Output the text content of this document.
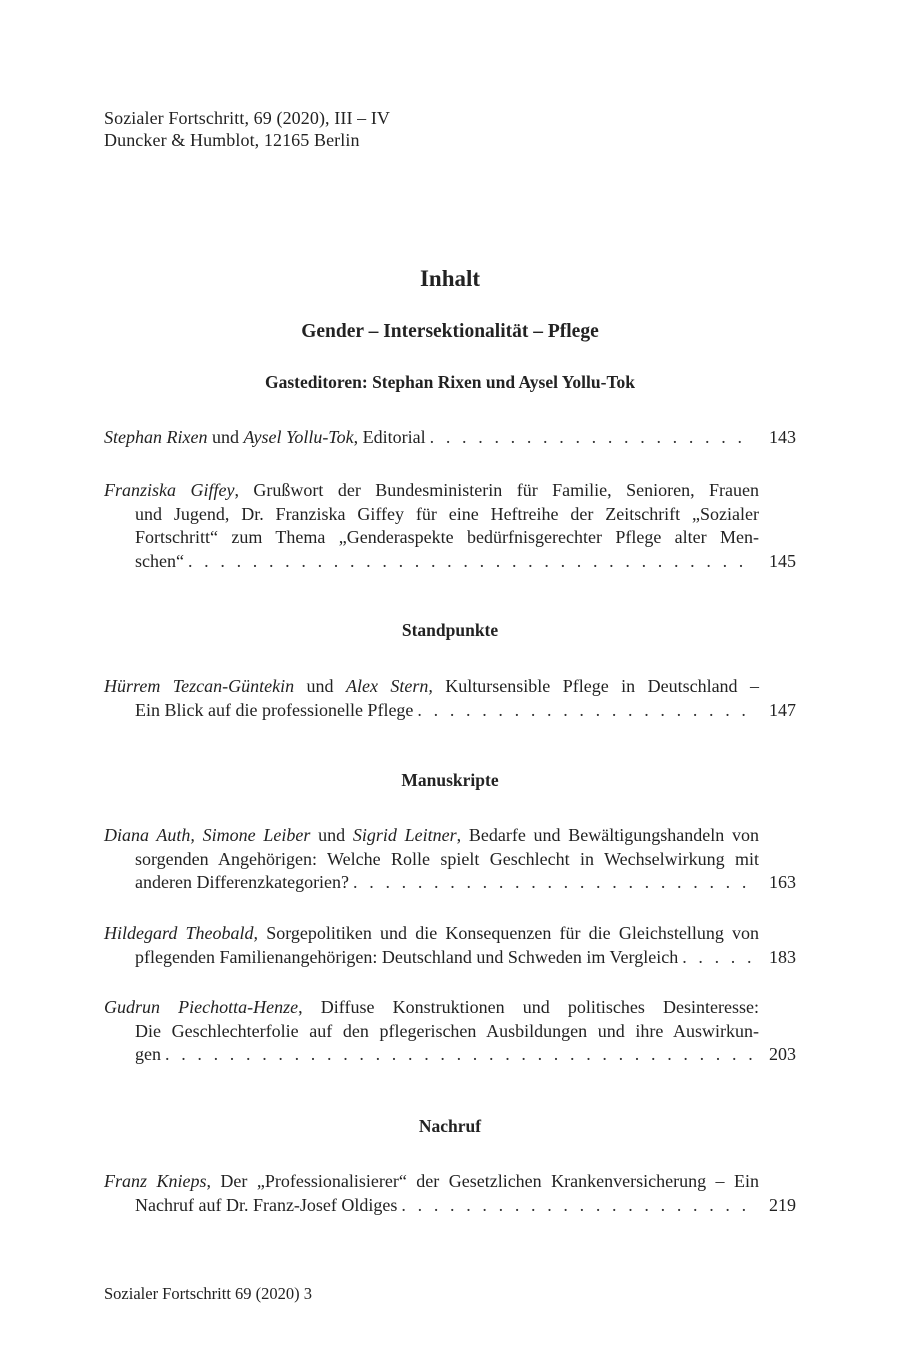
Sozialer Fortschritt, 69 (2020), III – IV
Duncker & Humblot, 12165 Berlin
Inhalt
Gender – Intersektionalität – Pflege
Gasteditoren: Stephan Rixen und Aysel Yollu-Tok
Stephan Rixen und Aysel Yollu-Tok, Editorial . . .	143
Franziska Giffey, Grußwort der Bundesministerin für Familie, Senioren, Frauen
und Jugend, Dr. Franziska Giffey für eine Heftreihe der Zeitschrift „Sozialer
Fortschritt“ zum Thema „Genderaspekte bedürfnisgerechter Pflege alter Men-
schen“ . . .	145
Standpunkte
Hürrem Tezcan-Güntekin und Alex Stern, Kultursensible Pflege in Deutschland –
Ein Blick auf die professionelle Pflege . . .	147
Manuskripte
Diana Auth, Simone Leiber und Sigrid Leitner, Bedarfe und Bewältigungshandeln von
sorgenden Angehörigen: Welche Rolle spielt Geschlecht in Wechselwirkung mit
anderen Differenzkategorien? . . .	163
Hildegard Theobald, Sorgepolitiken und die Konsequenzen für die Gleichstellung von
pflegenden Familienangehörigen: Deutschland und Schweden im Vergleich . . .	183
Gudrun Piechotta-Henze, Diffuse Konstruktionen und politisches Desinteresse:
Die Geschlechterfolie auf den pflegerischen Ausbildungen und ihre Auswirkun-
gen . . .	203
Nachruf
Franz Knieps, Der „Professionalisierer“ der Gesetzlichen Krankenversicherung – Ein
Nachruf auf Dr. Franz-Josef Oldiges . . .	219
Sozialer Fortschritt 69 (2020) 3
